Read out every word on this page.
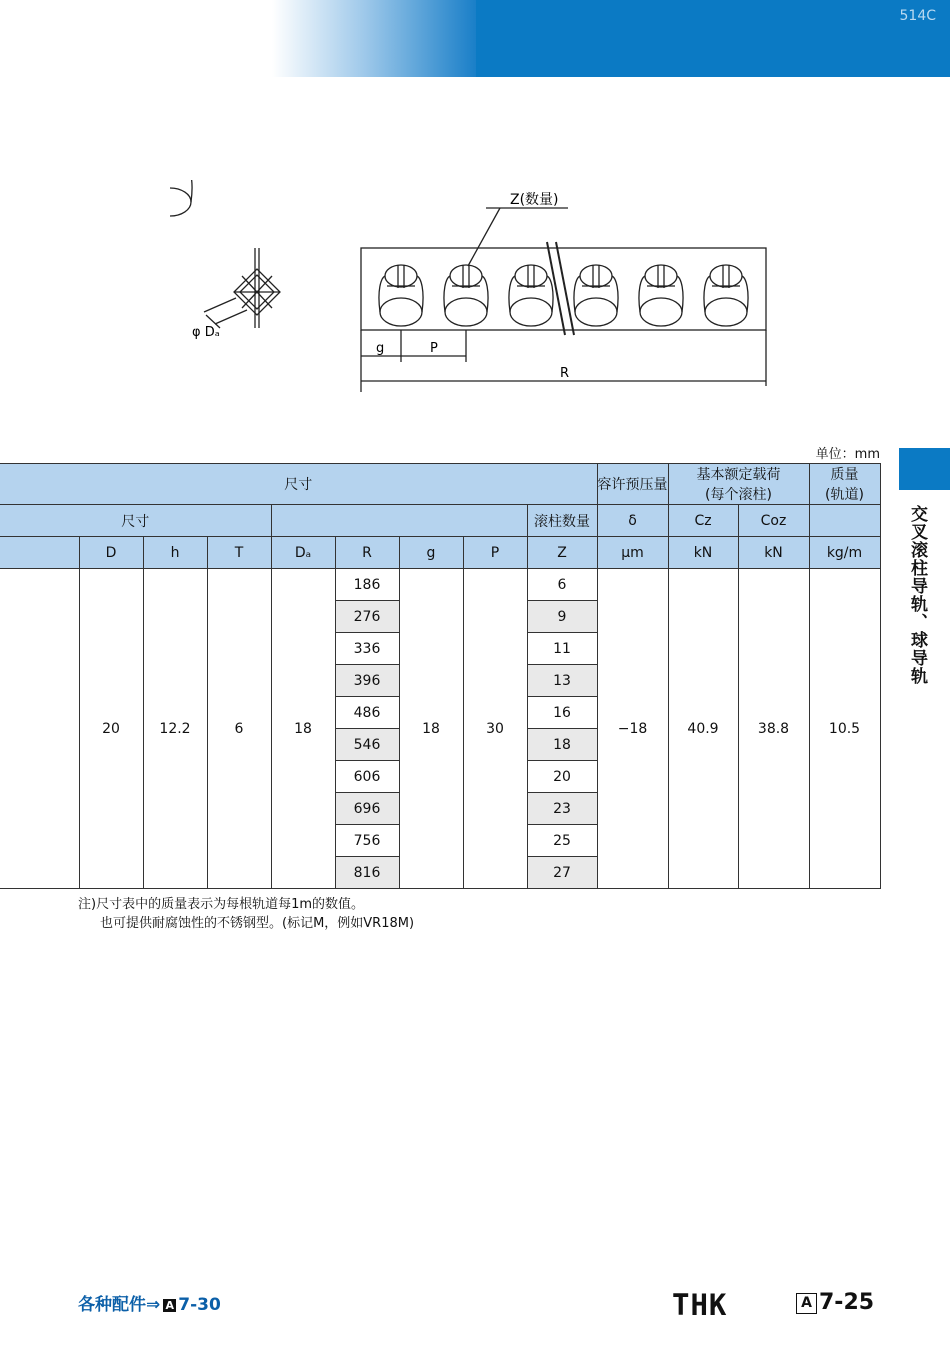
514C
Z(数量)
φ Dₐ
g	P
R
单位：mm
尺寸									容许预压量	基本额定载荷
(每个滚柱)		质量
(轨道)
尺寸								滚柱数量	δ	Cz	Coz	
	D	h	T	Dₐ	R	g	P	Z	μm	kN	kN	kg/m
	20	12.2	6	18	186	18	30	6	−18	40.9	38.8	10.5
					276			9				
					336			11				
					396			13				
					486			16				
					546			18				
					606			20				
					696			23				
					756			25				
					816			27				
注)尺寸表中的质量表示为每根轨道每1m的数值。
也可提供耐腐蚀性的不锈钢型。(标记M，例如VR18M)
交叉滚柱导轨、球导轨
各种配件⇒ A 7-30	THK	A 7-25
